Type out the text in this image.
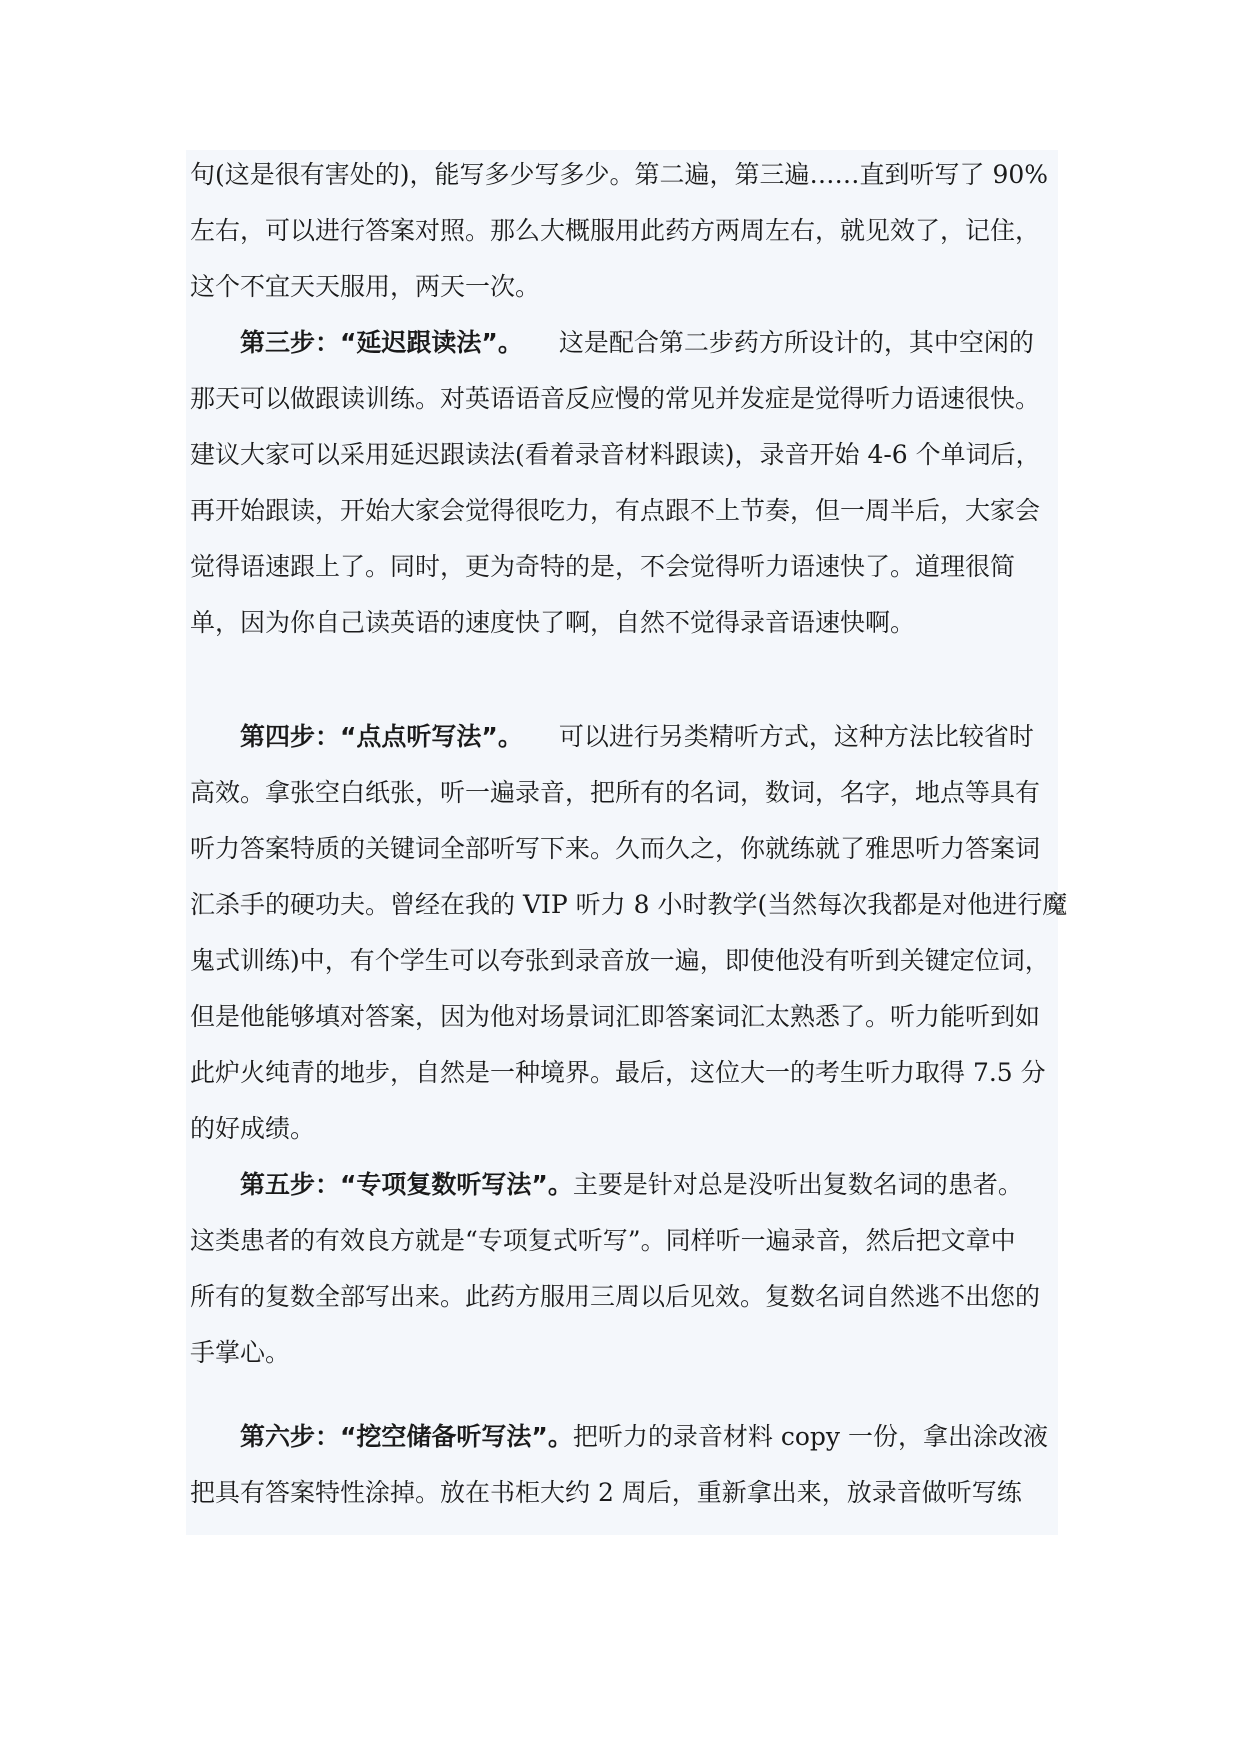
句(这是很有害处的)，能写多少写多少。第二遍，第三遍……直到听写了 90%
左右，可以进行答案对照。那么大概服用此药方两周左右，就见效了，记住，
这个不宜天天服用，两天一次。
第三步：“延迟跟读法”。 这是配合第二步药方所设计的，其中空闲的
那天可以做跟读训练。对英语语音反应慢的常见并发症是觉得听力语速很快。
建议大家可以采用延迟跟读法(看着录音材料跟读)，录音开始 4-6 个单词后，
再开始跟读，开始大家会觉得很吃力，有点跟不上节奏，但一周半后，大家会
觉得语速跟上了。同时，更为奇特的是，不会觉得听力语速快了。道理很简
单，因为你自己读英语的速度快了啊，自然不觉得录音语速快啊。
第四步：“点点听写法”。 可以进行另类精听方式，这种方法比较省时
高效。拿张空白纸张，听一遍录音，把所有的名词，数词，名字，地点等具有
听力答案特质的关键词全部听写下来。久而久之，你就练就了雅思听力答案词
汇杀手的硬功夫。曾经在我的 VIP 听力 8 小时教学(当然每次我都是对他进行魔
鬼式训练)中，有个学生可以夸张到录音放一遍，即使他没有听到关键定位词，
但是他能够填对答案，因为他对场景词汇即答案词汇太熟悉了。听力能听到如
此炉火纯青的地步，自然是一种境界。最后，这位大一的考生听力取得 7.5 分
的好成绩。
第五步：“专项复数听写法”。主要是针对总是没听出复数名词的患者。
这类患者的有效良方就是“专项复式听写”。同样听一遍录音，然后把文章中
所有的复数全部写出来。此药方服用三周以后见效。复数名词自然逃不出您的
手掌心。
第六步：“挖空储备听写法”。把听力的录音材料 copy 一份，拿出涂改液
把具有答案特性涂掉。放在书柜大约 2 周后，重新拿出来，放录音做听写练
